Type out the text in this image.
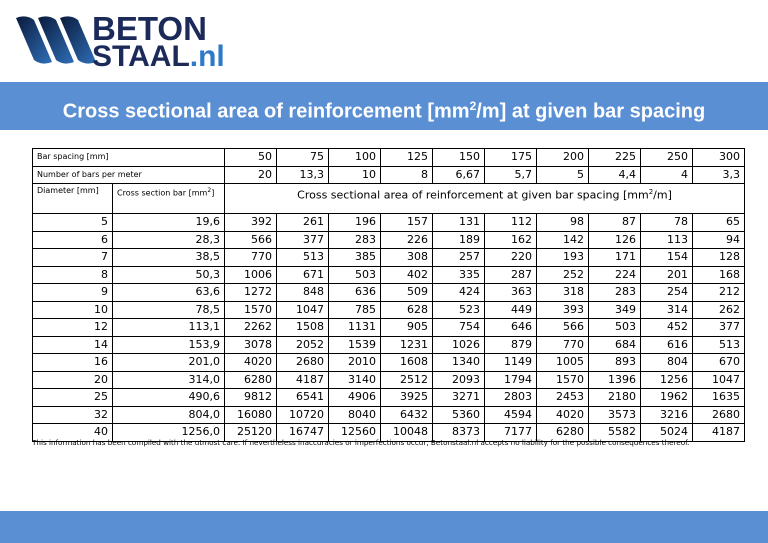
BETON
STAAL.nl
Cross sectional area of reinforcement $[mm^2/m]$ at given bar spacing
Bar spacing [mm]		50	75	100	125	150	175	200	225	250	300
Number of bars per meter		20	13,3	10	8	6,67	5,7	5	4,4	4	3,3
Diameter [mm]	Cross section bar $[mm^2]$	Cross sectional area of reinforcement at given bar spacing $[mm^2/m]$									
5	19,6	392	261	196	157	131	112	98	87	78	65
6	28,3	566	377	283	226	189	162	142	126	113	94
7	38,5	770	513	385	308	257	220	193	171	154	128
8	50,3	1006	671	503	402	335	287	252	224	201	168
9	63,6	1272	848	636	509	424	363	318	283	254	212
10	78,5	1570	1047	785	628	523	449	393	349	314	262
12	113,1	2262	1508	1131	905	754	646	566	503	452	377
14	153,9	3078	2052	1539	1231	1026	879	770	684	616	513
16	201,0	4020	2680	2010	1608	1340	1149	1005	893	804	670
20	314,0	6280	4187	3140	2512	2093	1794	1570	1396	1256	1047
25	490,6	9812	6541	4906	3925	3271	2803	2453	2180	1962	1635
32	804,0	16080	10720	8040	6432	5360	4594	4020	3573	3216	2680
40	1256,0	25120	16747	12560	10048	8373	7177	6280	5582	5024	4187
This information has been compiled with the utmost care. If nevertheless inaccuracies or imperfections occur, Betonstaal.nl accepts no liability for the possible consequences thereof.
